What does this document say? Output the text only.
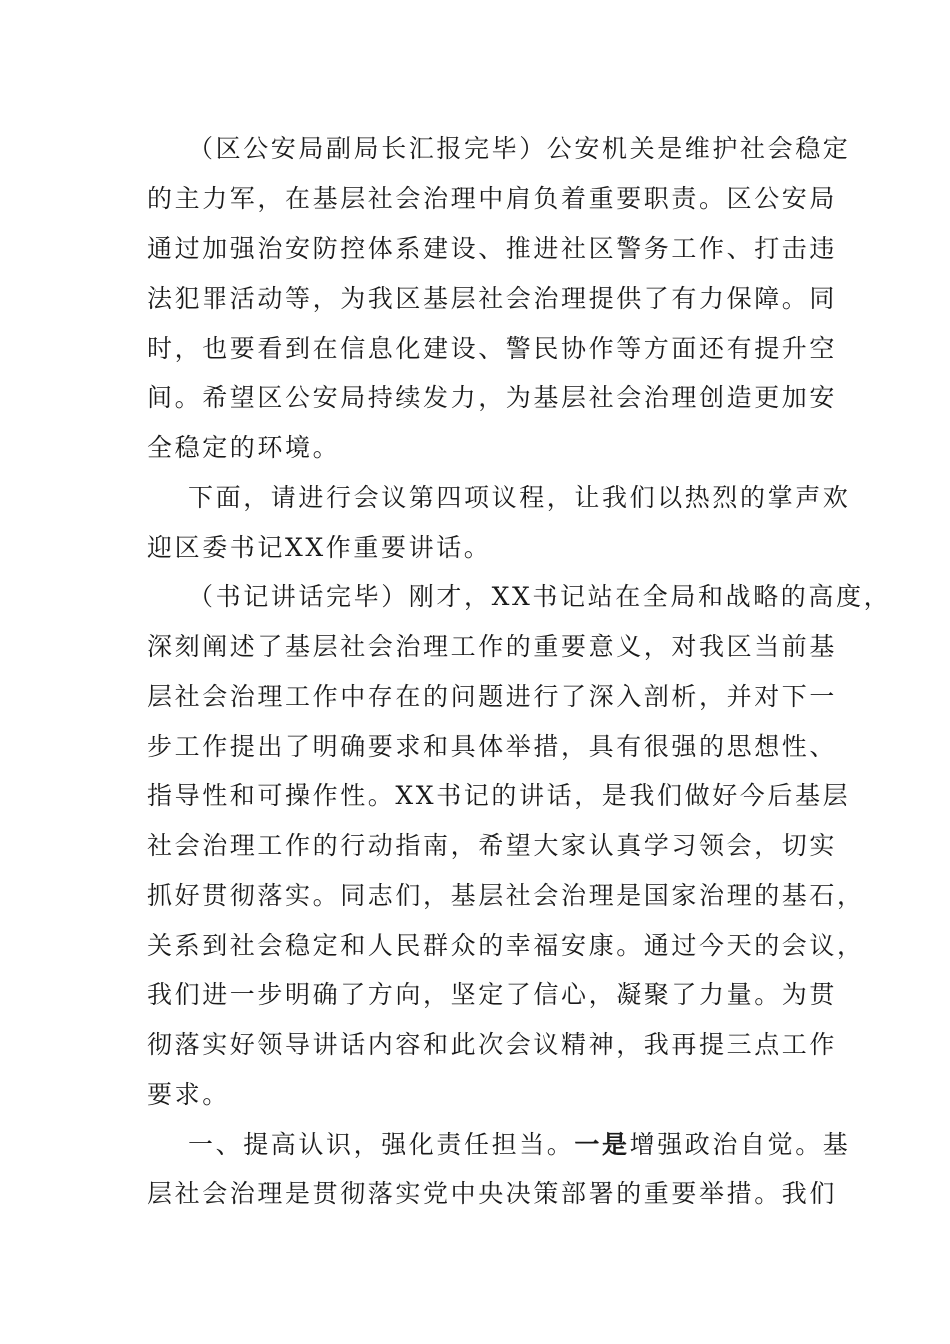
（区公安局副局长汇报完毕）公安机关是维护社会稳定
的主力军，在基层社会治理中肩负着重要职责。区公安局
通过加强治安防控体系建设、推进社区警务工作、打击违
法犯罪活动等，为我区基层社会治理提供了有力保障。同
时，也要看到在信息化建设、警民协作等方面还有提升空
间。希望区公安局持续发力，为基层社会治理创造更加安
全稳定的环境。
下面，请进行会议第四项议程，让我们以热烈的掌声欢
迎区委书记XX作重要讲话。
（书记讲话完毕）刚才，XX书记站在全局和战略的高度，
深刻阐述了基层社会治理工作的重要意义，对我区当前基
层社会治理工作中存在的问题进行了深入剖析，并对下一
步工作提出了明确要求和具体举措，具有很强的思想性、
指导性和可操作性。XX书记的讲话，是我们做好今后基层
社会治理工作的行动指南，希望大家认真学习领会，切实
抓好贯彻落实。同志们，基层社会治理是国家治理的基石，
关系到社会稳定和人民群众的幸福安康。通过今天的会议，
我们进一步明确了方向，坚定了信心，凝聚了力量。为贯
彻落实好领导讲话内容和此次会议精神，我再提三点工作
要求。
一、提高认识，强化责任担当。一是增强政治自觉。基
层社会治理是贯彻落实党中央决策部署的重要举措。我们
